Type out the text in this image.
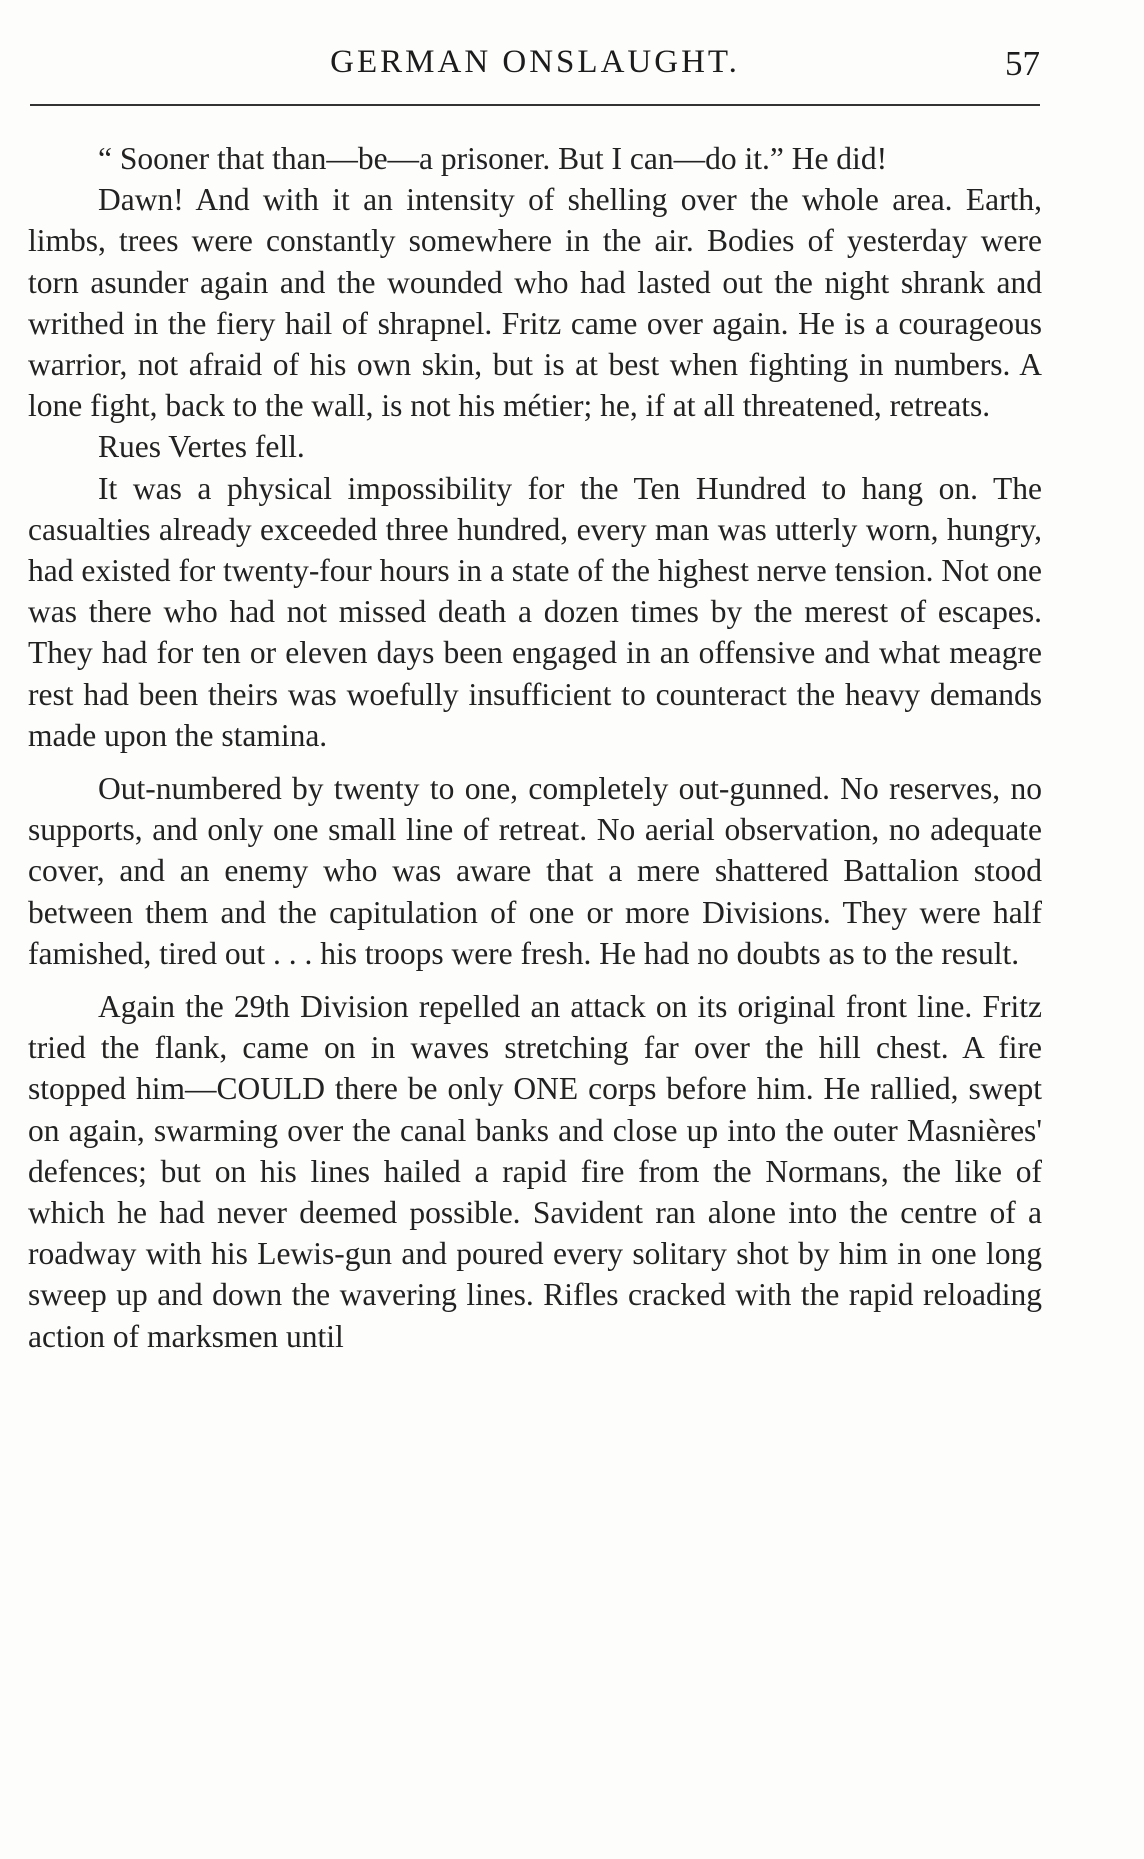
GERMAN ONSLAUGHT.	57

“ Sooner that than—be—a prisoner. But I can—do it.” He did!

Dawn! And with it an intensity of shelling over the whole area. Earth, limbs, trees were constantly somewhere in the air. Bodies of yesterday were torn asunder again and the wounded who had lasted out the night shrank and writhed in the fiery hail of shrapnel. Fritz came over again. He is a courageous warrior, not afraid of his own skin, but is at best when fighting in numbers. A lone fight, back to the wall, is not his métier; he, if at all threatened, retreats.

Rues Vertes fell.

It was a physical impossibility for the Ten Hundred to hang on. The casualties already exceeded three hundred, every man was utterly worn, hungry, had existed for twenty-four hours in a state of the highest nerve tension. Not one was there who had not missed death a dozen times by the merest of escapes. They had for ten or eleven days been engaged in an offensive and what meagre rest had been theirs was woefully insufficient to counteract the heavy demands made upon the stamina.

Out-numbered by twenty to one, completely out-gunned. No reserves, no supports, and only one small line of retreat. No aerial observation, no adequate cover, and an enemy who was aware that a mere shattered Battalion stood between them and the capitulation of one or more Divisions. They were half famished, tired out . . . his troops were fresh. He had no doubts as to the result.

Again the 29th Division repelled an attack on its original front line. Fritz tried the flank, came on in waves stretching far over the hill chest. A fire stopped him—COULD there be only ONE corps before him. He rallied, swept on again, swarming over the canal banks and close up into the outer Masnières' defences; but on his lines hailed a rapid fire from the Normans, the like of which he had never deemed possible. Savident ran alone into the centre of a roadway with his Lewis-gun and poured every solitary shot by him in one long sweep up and down the wavering lines. Rifles cracked with the rapid reloading action of marksmen until
